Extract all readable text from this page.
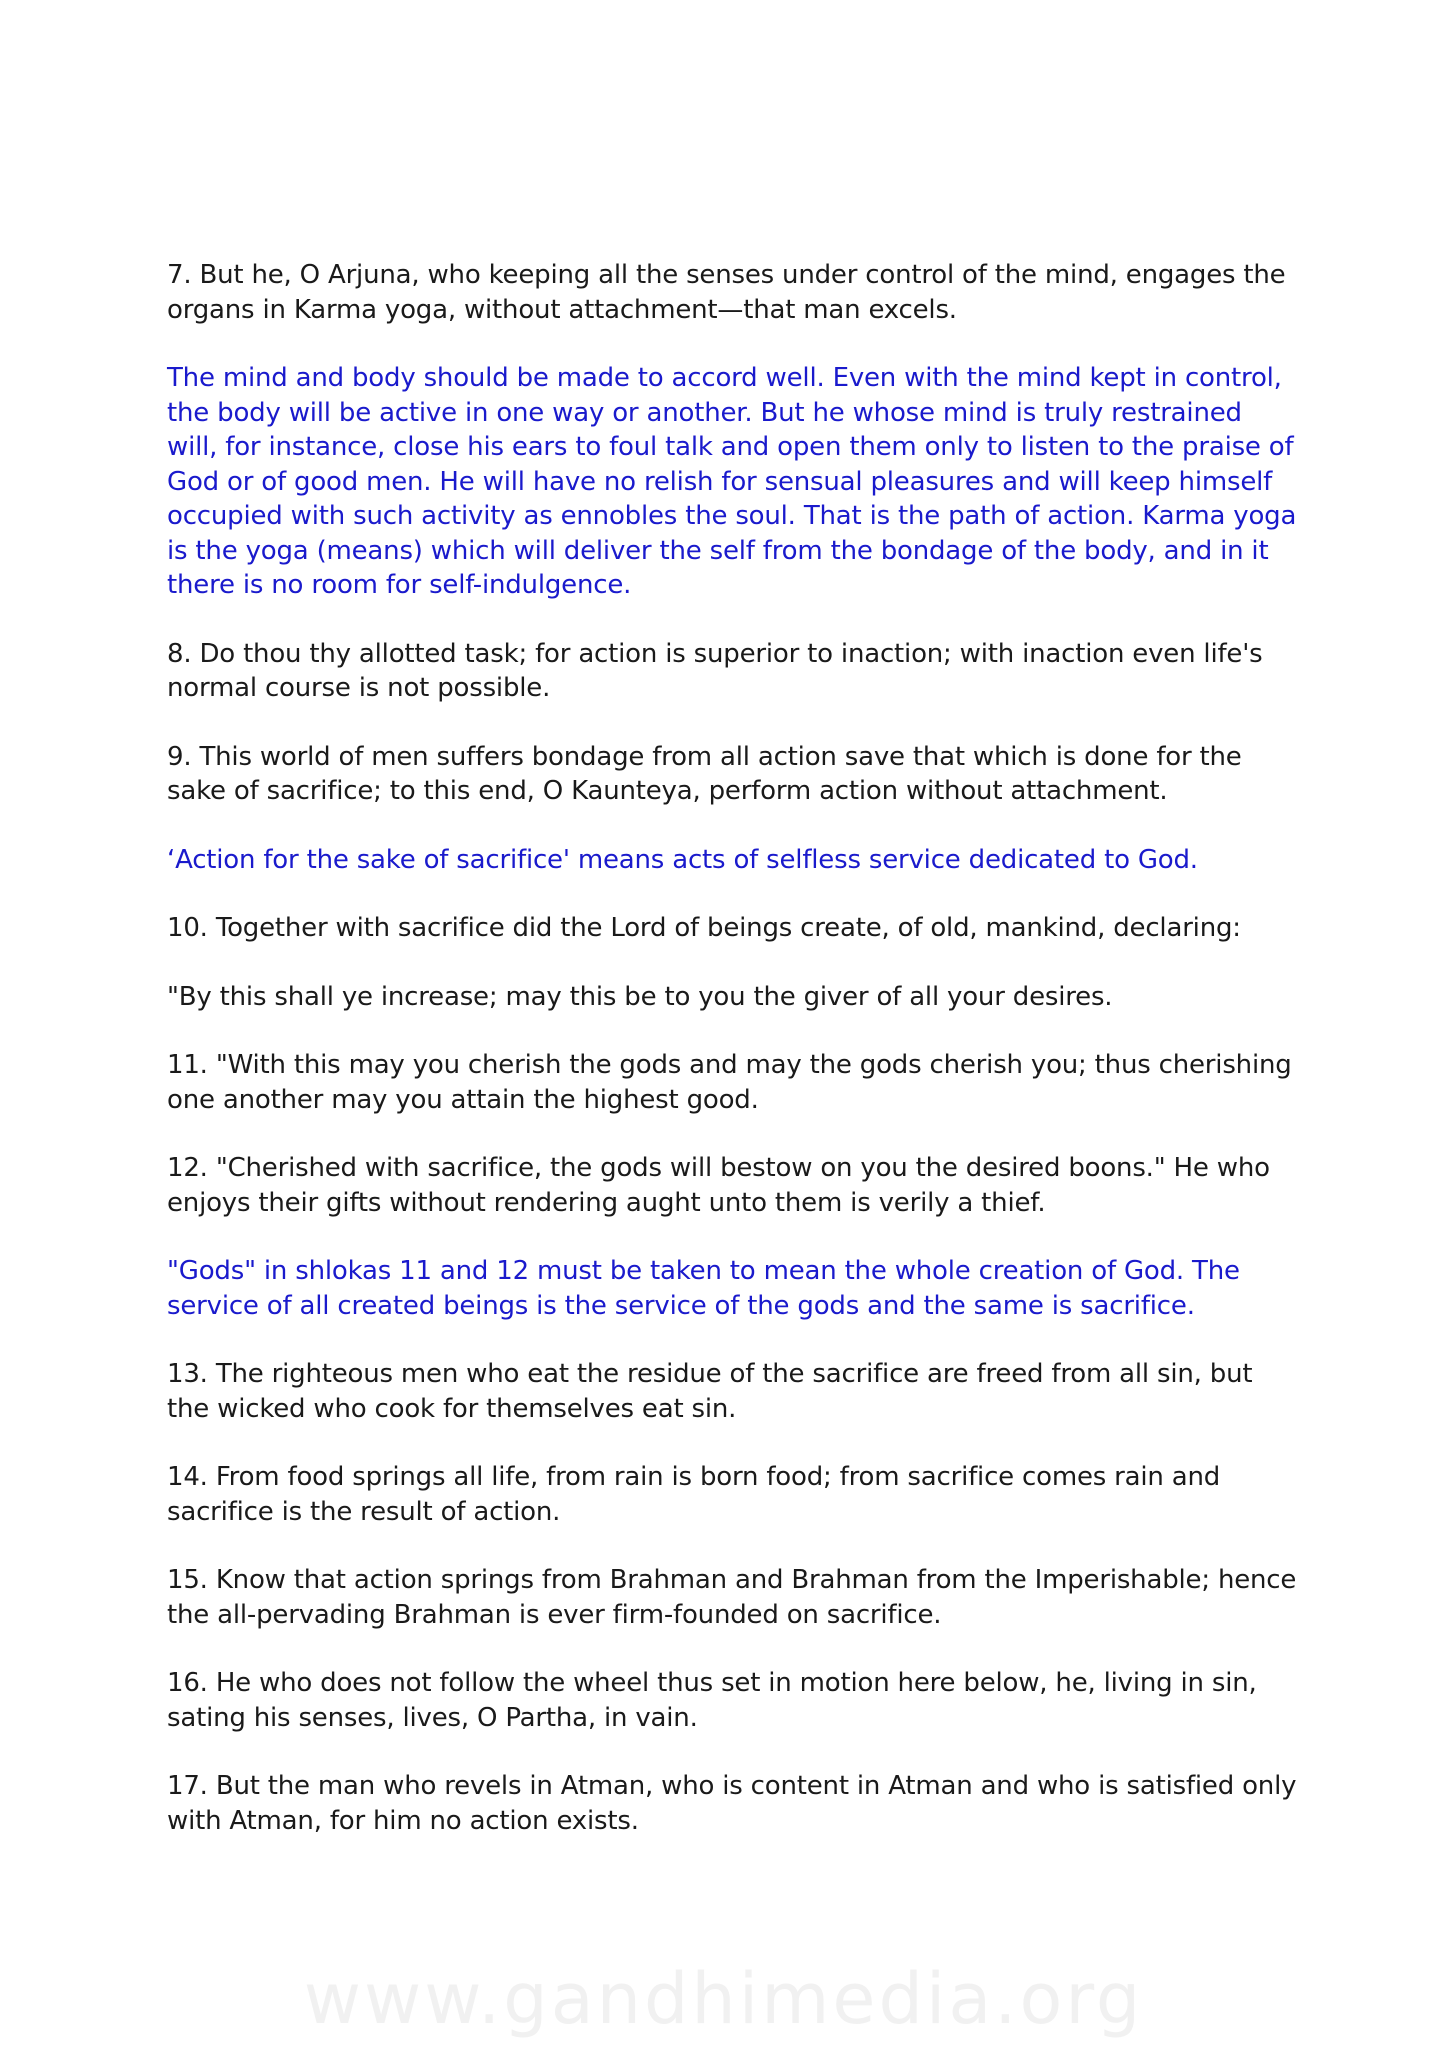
7. But he, O Arjuna, who keeping all the senses under control of the mind, engages the organs in Karma yoga, without attachment—that man excels.

The mind and body should be made to accord well. Even with the mind kept in control, the body will be active in one way or another. But he whose mind is truly restrained will, for instance, close his ears to foul talk and open them only to listen to the praise of God or of good men. He will have no relish for sensual pleasures and will keep himself occupied with such activity as ennobles the soul. That is the path of action. Karma yoga is the yoga (means) which will deliver the self from the bondage of the body, and in it there is no room for self-indulgence.

8. Do thou thy allotted task; for action is superior to inaction; with inaction even life's normal course is not possible.

9. This world of men suffers bondage from all action save that which is done for the sake of sacrifice; to this end, O Kaunteya, perform action without attachment.

‘Action for the sake of sacrifice' means acts of selfless service dedicated to God.

10. Together with sacrifice did the Lord of beings create, of old, mankind, declaring:

"By this shall ye increase; may this be to you the giver of all your desires.

11. "With this may you cherish the gods and may the gods cherish you; thus cherishing one another may you attain the highest good.

12. "Cherished with sacrifice, the gods will bestow on you the desired boons." He who enjoys their gifts without rendering aught unto them is verily a thief.

"Gods" in shlokas 11 and 12 must be taken to mean the whole creation of God. The service of all created beings is the service of the gods and the same is sacrifice.

13. The righteous men who eat the residue of the sacrifice are freed from all sin, but the wicked who cook for themselves eat sin.

14. From food springs all life, from rain is born food; from sacrifice comes rain and sacrifice is the result of action.

15. Know that action springs from Brahman and Brahman from the Imperishable; hence the all-pervading Brahman is ever firm-founded on sacrifice.

16. He who does not follow the wheel thus set in motion here below, he, living in sin, sating his senses, lives, O Partha, in vain.

17. But the man who revels in Atman, who is content in Atman and who is satisfied only with Atman, for him no action exists.

www.gandhimedia.org
